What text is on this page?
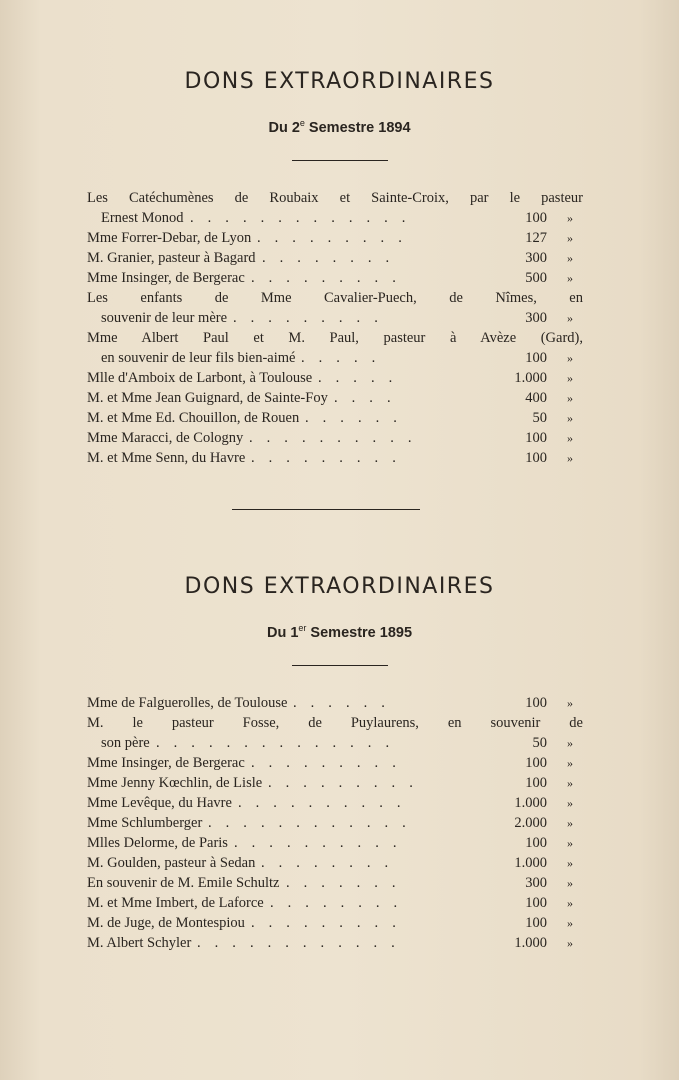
DONS EXTRAORDINAIRES
Du 2e Semestre 1894
Les Catéchumènes de Roubaix et Sainte-Croix, par le pasteur
Ernest Monod . . . . . . . . . . . . .	100 »
Mme Forrer-Debar, de Lyon . . . . . . . . .	127 »
M. Granier, pasteur à Bagard . . . . . . . .	300 »
Mme Insinger, de Bergerac . . . . . . . . .	500 »
Les enfants de Mme Cavalier-Puech, de Nîmes, en
souvenir de leur mère . . . . . . . . .	300 »
Mme Albert Paul et M. Paul, pasteur à Avèze (Gard),
en souvenir de leur fils bien-aimé . . . . .	100 »
Mlle d'Amboix de Larbont, à Toulouse . . . . .	1.000 »
M. et Mme Jean Guignard, de Sainte-Foy . . . .	400 »
M. et Mme Ed. Chouillon, de Rouen . . . . . .	50 »
Mme Maracci, de Cologny . . . . . . . . . .	100 »
M. et Mme Senn, du Havre . . . . . . . . .	100 »
DONS EXTRAORDINAIRES
Du 1er Semestre 1895
Mme de Falguerolles, de Toulouse . . . . . .	100 »
M. le pasteur Fosse, de Puylaurens, en souvenir de
son père . . . . . . . . . . . . . .	50 »
Mme Insinger, de Bergerac . . . . . . . . .	100 »
Mme Jenny Kœchlin, de Lisle . . . . . . . . .	100 »
Mme Levêque, du Havre . . . . . . . . . .	1.000 »
Mme Schlumberger . . . . . . . . . . . .	2.000 »
Mlles Delorme, de Paris . . . . . . . . . .	100 »
M. Goulden, pasteur à Sedan . . . . . . . .	1.000 »
En souvenir de M. Emile Schultz . . . . . . .	300 »
M. et Mme Imbert, de Laforce . . . . . . . .	100 »
M. de Juge, de Montespiou . . . . . . . . .	100 »
M. Albert Schyler . . . . . . . . . . . .	1.000 »
